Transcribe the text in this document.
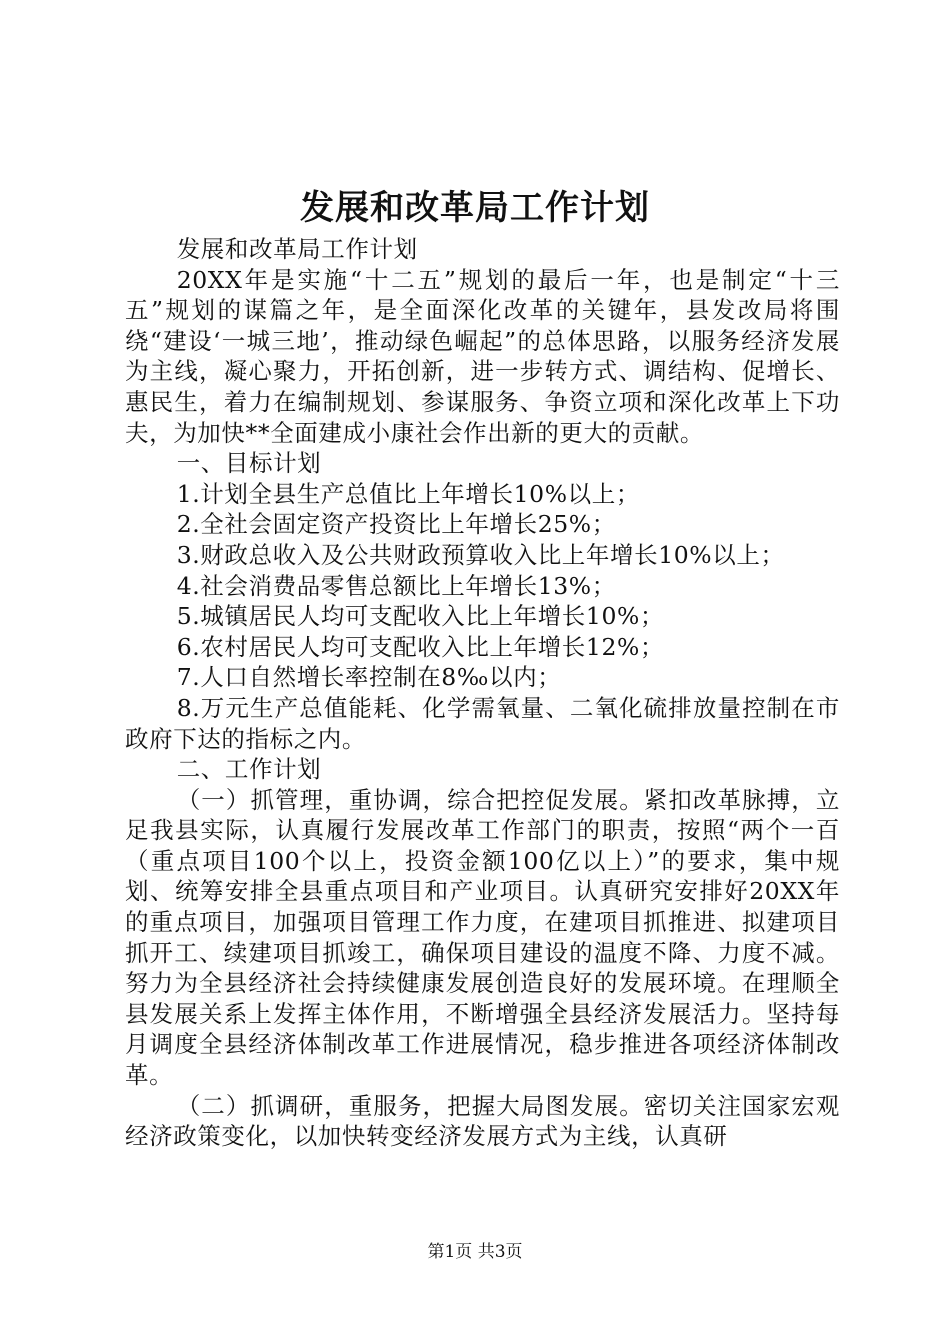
发展和改革局工作计划

发展和改革局工作计划

20XX年是实施“十二五”规划的最后一年，也是制定“十三五”规划的谋篇之年，是全面深化改革的关键年，县发改局将围绕“建设‘一城三地’，推动绿色崛起”的总体思路，以服务经济发展为主线，凝心聚力，开拓创新，进一步转方式、调结构、促增长、惠民生，着力在编制规划、参谋服务、争资立项和深化改革上下功夫，为加快**全面建成小康社会作出新的更大的贡献。

一、目标计划

1.计划全县生产总值比上年增长10%以上；

2.全社会固定资产投资比上年增长25%；

3.财政总收入及公共财政预算收入比上年增长10%以上；

4.社会消费品零售总额比上年增长13%；

5.城镇居民人均可支配收入比上年增长10%；

6.农村居民人均可支配收入比上年增长12%；

7.人口自然增长率控制在8‰以内；

8.万元生产总值能耗、化学需氧量、二氧化硫排放量控制在市政府下达的指标之内。

二、工作计划

（一）抓管理，重协调，综合把控促发展。紧扣改革脉搏，立足我县实际，认真履行发展改革工作部门的职责，按照“两个一百（重点项目100个以上，投资金额100亿以上）”的要求，集中规划、统筹安排全县重点项目和产业项目。认真研究安排好20XX年的重点项目，加强项目管理工作力度，在建项目抓推进、拟建项目抓开工、续建项目抓竣工，确保项目建设的温度不降、力度不减。努力为全县经济社会持续健康发展创造良好的发展环境。在理顺全县发展关系上发挥主体作用，不断增强全县经济发展活力。坚持每月调度全县经济体制改革工作进展情况，稳步推进各项经济体制改革。

（二）抓调研，重服务，把握大局图发展。密切关注国家宏观经济政策变化，以加快转变经济发展方式为主线，认真研

第1页 共3页
